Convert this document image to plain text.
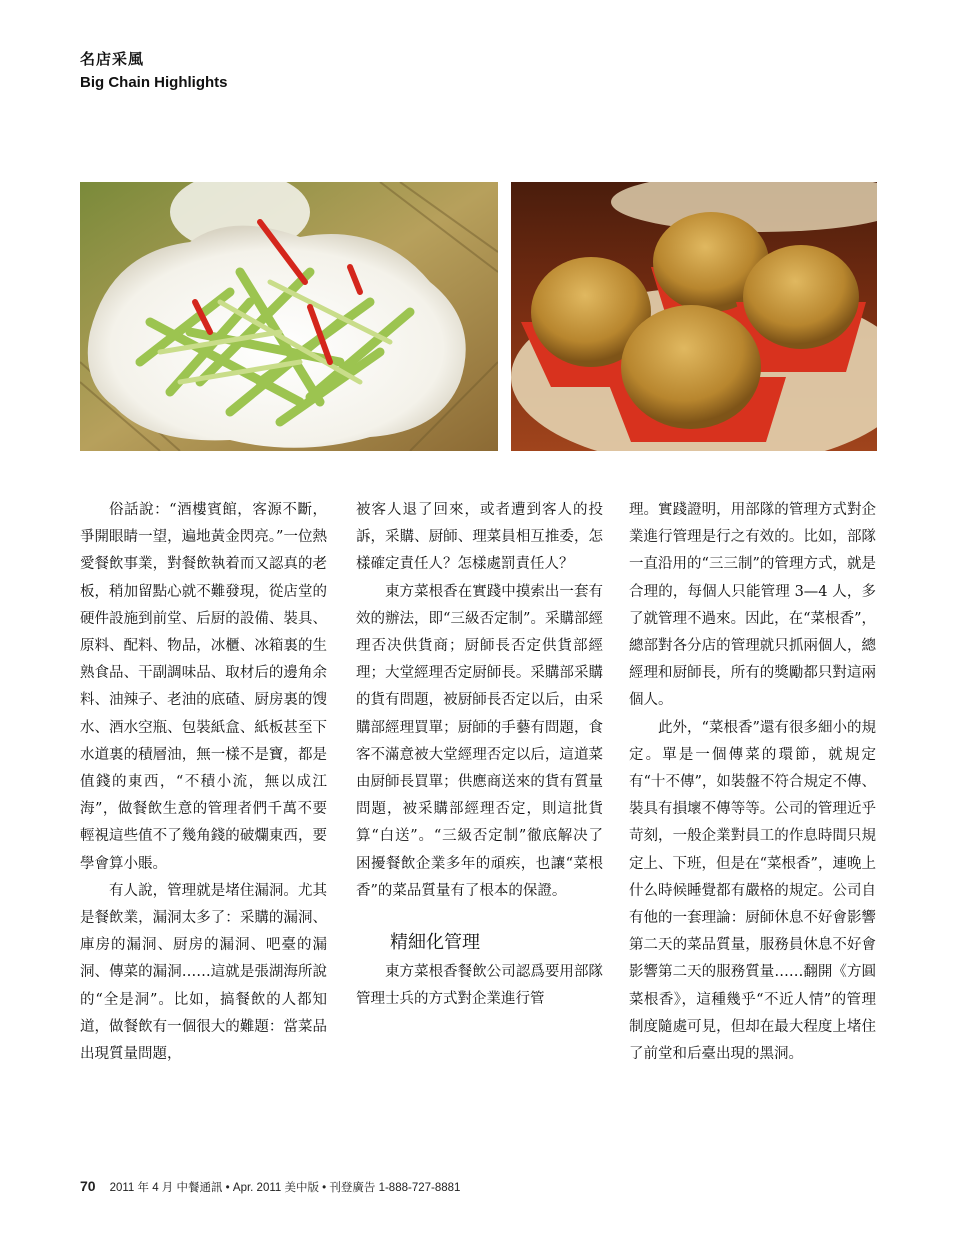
名店采風
Big Chain Highlights

俗話說：“酒樓賓館，客源不斷，爭開眼睛一望，遍地黃金閃亮。”一位熱愛餐飲事業，對餐飲執着而又認真的老板，稍加留點心就不難發現，從店堂的硬件設施到前堂、后厨的設備、裝具、原料、配料、物品，冰櫃、冰箱裏的生熟食品、干副調味品、取材后的邊角余料、油辣子、老油的底碴、厨房裏的馊水、酒水空瓶、包裝紙盒、紙板甚至下水道裏的積層油，無一樣不是寶，都是值錢的東西，“不積小流，無以成江海”，做餐飲生意的管理者們千萬不要輕視這些值不了幾角錢的破爛東西，要學會算小賬。

有人說，管理就是堵住漏洞。尤其是餐飲業，漏洞太多了：采購的漏洞、庫房的漏洞、厨房的漏洞、吧臺的漏洞、傳菜的漏洞……這就是張湖海所說的“全是洞”。比如，搞餐飲的人都知道，做餐飲有一個很大的難題：當菜品出現質量問題，

被客人退了回來，或者遭到客人的投訴，采購、厨師、理菜員相互推委，怎樣確定責任人？怎樣處罰責任人？

東方菜根香在實踐中摸索出一套有效的辦法，即“三級否定制”。采購部經理否决供貨商；厨師長否定供貨部經理；大堂經理否定厨師長。采購部采購的貨有問題，被厨師長否定以后，由采購部經理買單；厨師的手藝有問題，食客不滿意被大堂經理否定以后，這道菜由厨師長買單；供應商送來的貨有質量問題，被采購部經理否定，則這批貨算“白送”。“三級否定制”徹底解决了困擾餐飲企業多年的頑疾，也讓“菜根香”的菜品質量有了根本的保證。

精細化管理

東方菜根香餐飲公司認爲要用部隊管理士兵的方式對企業進行管

理。實踐證明，用部隊的管理方式對企業進行管理是行之有效的。比如，部隊一直沿用的“三三制”的管理方式，就是合理的，每個人只能管理 3—4 人，多了就管理不過來。因此，在“菜根香”，總部對各分店的管理就只抓兩個人，總經理和厨師長，所有的獎勵都只對這兩個人。

此外，“菜根香”還有很多細小的規定。單是一個傳菜的環節，就規定有“十不傳”，如裝盤不符合規定不傳、裝具有損壞不傳等等。公司的管理近乎苛刻，一般企業對員工的作息時間只規定上、下班，但是在“菜根香”，連晚上什么時候睡覺都有嚴格的規定。公司自有他的一套理論：厨師休息不好會影響第二天的菜品質量，服務員休息不好會影響第二天的服務質量……翻開《方圓菜根香》，這種幾乎“不近人情”的管理制度隨處可見，但却在最大程度上堵住了前堂和后臺出現的黑洞。

70 2011 年 4 月 中餐通訊 • Apr. 2011 美中版 • 刊登廣告 1-888-727-8881
